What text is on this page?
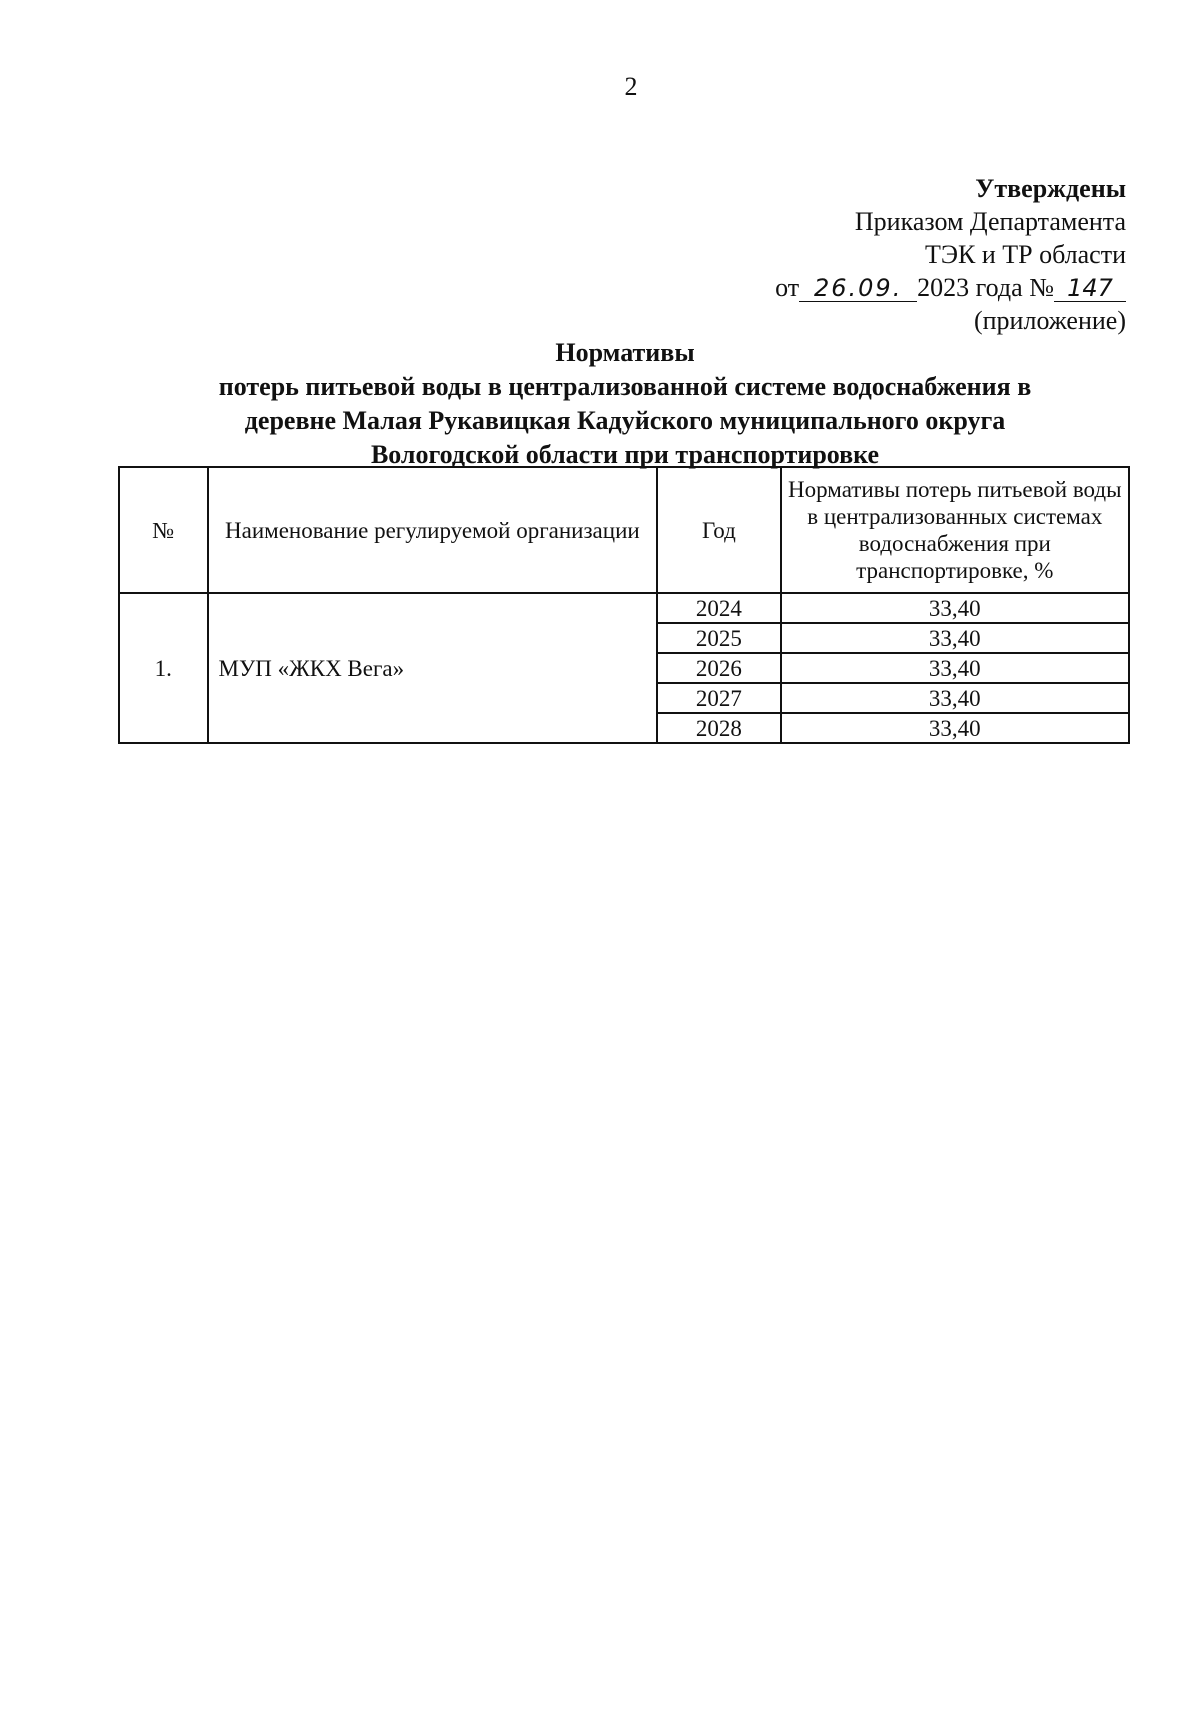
2
Утверждены
Приказом Департамента
ТЭК и ТР области
от 26.09. 2023 года № 147
(приложение)
Нормативы
потерь питьевой воды в централизованной системе водоснабжения в
деревне Малая Рукавицкая Кадуйского муниципального округа
Вологодской области при транспортировке
№	Наименование регулируемой организации	Год	Нормативы потерь питьевой воды в централизованных системах водоснабжения при транспортировке, %
1.	МУП «ЖКХ Вега»	2024	33,40
		2025	33,40
		2026	33,40
		2027	33,40
		2028	33,40
